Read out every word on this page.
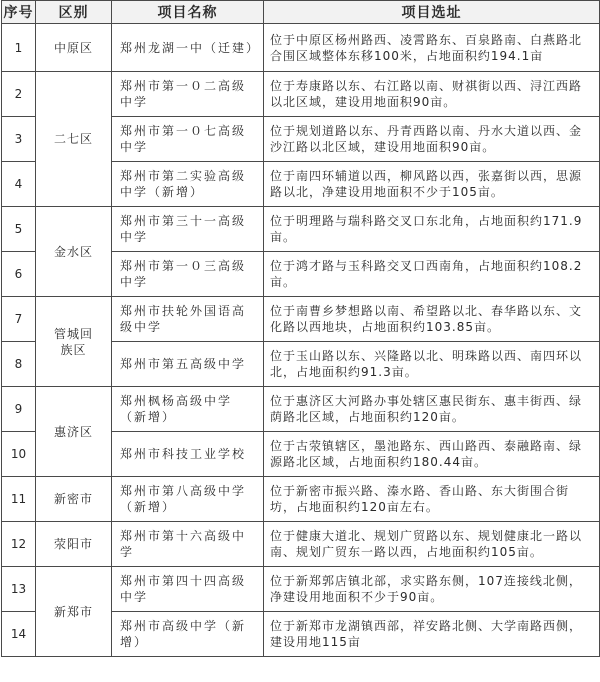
序号	区别	项目名称	项目选址
1	中原区	郑州龙湖一中（迁建）	位于中原区杨州路西、凌霄路东、百泉路南、白燕路北合围区域整体东移100米，占地面积约194.1亩
2	二七区	郑州市第一０二高级中学	位于寿康路以东、右江路以南、财祺街以西、浔江西路以北区域，建设用地面积90亩。
3		郑州市第一０七高级中学	位于规划道路以东、丹青西路以南、丹水大道以西、金沙江路以北区域，建设用地面积90亩。
4		郑州市第二实验高级中学（新增）	位于南四环辅道以西，柳风路以西，张嘉街以西，思源路以北，净建设用地面积不少于105亩。
5	金水区	郑州市第三十一高级中学	位于明理路与瑞科路交叉口东北角，占地面积约171.9亩。
6		郑州市第一０三高级中学	位于鸿才路与玉科路交叉口西南角，占地面积约108.2亩。
7	管城回族区	郑州市扶轮外国语高级中学	位于南曹乡梦想路以南、希望路以北、春华路以东、文化路以西地块，占地面积约103.85亩。
8		郑州市第五高级中学	位于玉山路以东、兴隆路以北、明珠路以西、南四环以北，占地面积约91.3亩。
9	惠济区	郑州枫杨高级中学（新增）	位于惠济区大河路办事处辖区惠民街东、惠丰街西、绿荫路北区域，占地面积约120亩。
10		郑州市科技工业学校	位于古荥镇辖区，墨池路东、西山路西、泰融路南、绿源路北区域，占地面积约180.44亩。
11	新密市	郑州市第八高级中学（新增）	位于新密市振兴路、溱水路、香山路、东大街围合街坊，占地面积约120亩左右。
12	荥阳市	郑州市第十六高级中学	位于健康大道北、规划广贸路以东、规划健康北一路以南、规划广贸东一路以西，占地面积约105亩。
13	新郑市	郑州市第四十四高级中学	位于新郑郭店镇北部，求实路东侧，107连接线北侧，净建设用地面积不少于90亩。
14		郑州市高级中学（新增）	位于新郑市龙湖镇西部，祥安路北侧、大学南路西侧，建设用地115亩
